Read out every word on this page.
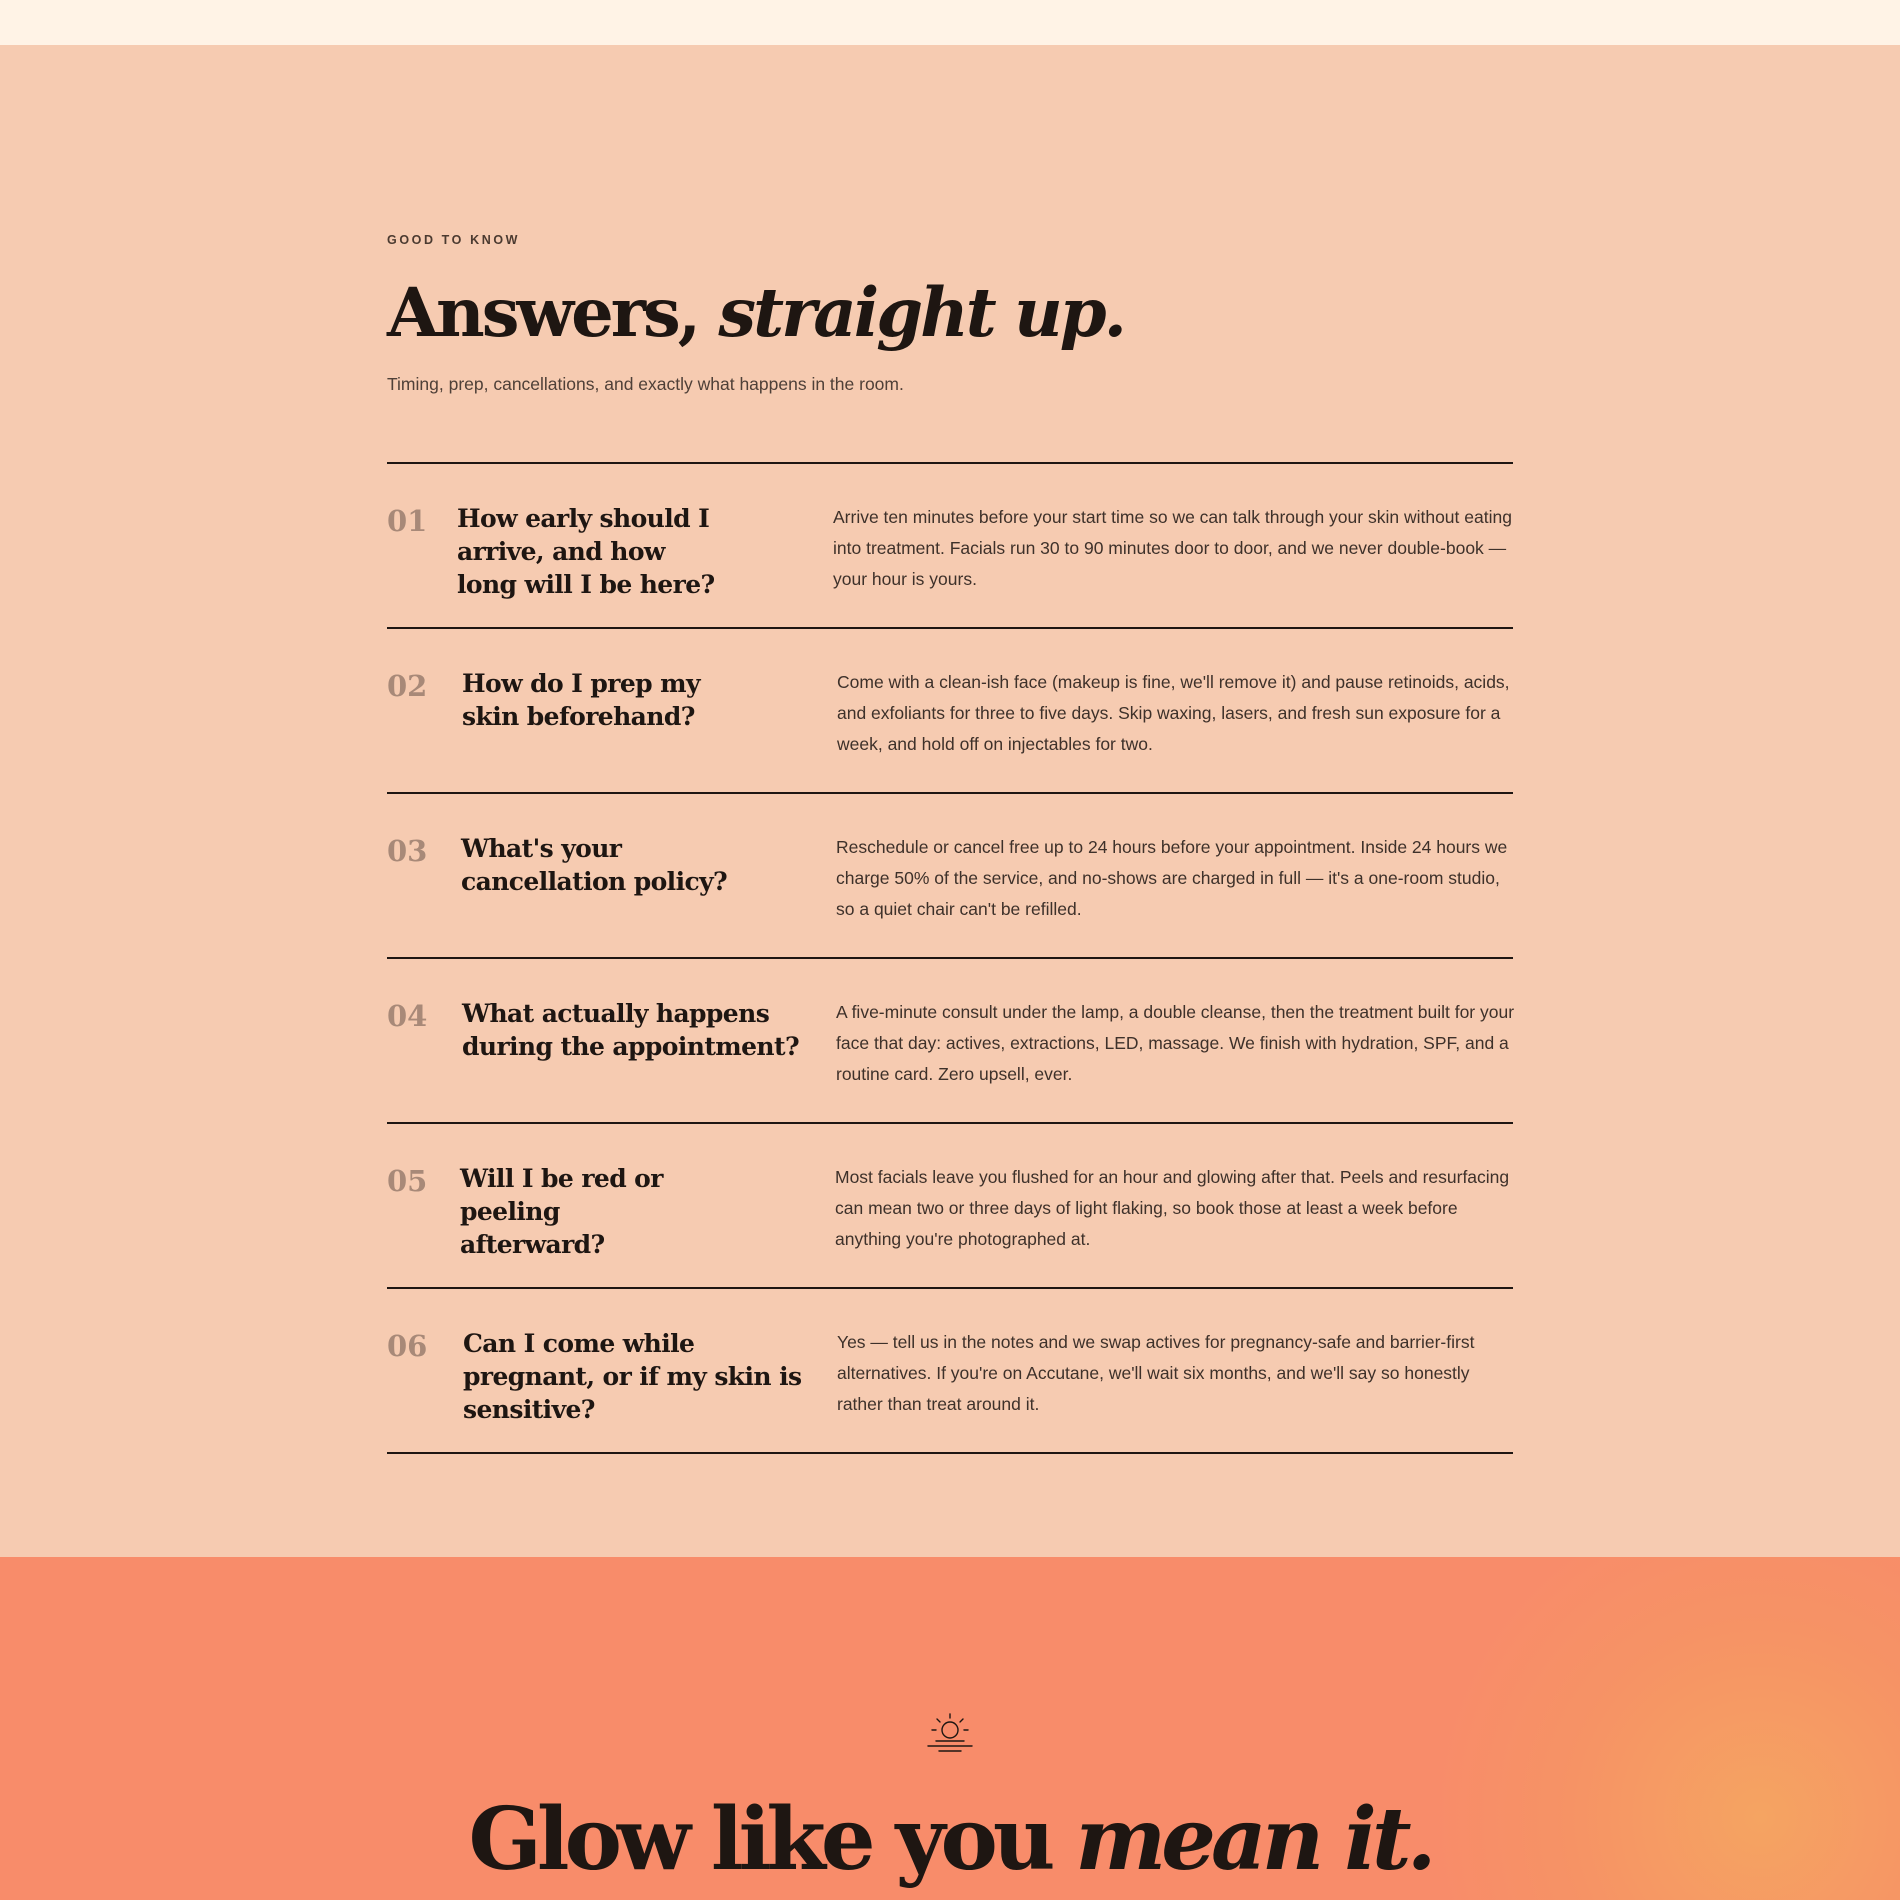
GOOD TO KNOW
Answers, straight up.
Timing, prep, cancellations, and exactly what happens in the room.
01 How early should I arrive, and how long will I be here?
Arrive ten minutes before your start time so we can talk through your skin without eating into treatment. Facials run 30 to 90 minutes door to door, and we never double-book — your hour is yours.
02 How do I prep my skin beforehand?
Come with a clean-ish face (makeup is fine, we'll remove it) and pause retinoids, acids, and exfoliants for three to five days. Skip waxing, lasers, and fresh sun exposure for a week, and hold off on injectables for two.
03 What's your cancellation policy?
Reschedule or cancel free up to 24 hours before your appointment. Inside 24 hours we charge 50% of the service, and no-shows are charged in full — it's a one-room studio, so a quiet chair can't be refilled.
04 What actually happens during the appointment?
A five-minute consult under the lamp, a double cleanse, then the treatment built for your face that day: actives, extractions, LED, massage. We finish with hydration, SPF, and a routine card. Zero upsell, ever.
05 Will I be red or peeling afterward?
Most facials leave you flushed for an hour and glowing after that. Peels and resurfacing can mean two or three days of light flaking, so book those at least a week before anything you're photographed at.
06 Can I come while pregnant, or if my skin is sensitive?
Yes — tell us in the notes and we swap actives for pregnancy-safe and barrier-first alternatives. If you're on Accutane, we'll wait six months, and we'll say so honestly rather than treat around it.
Glow like you mean it.
